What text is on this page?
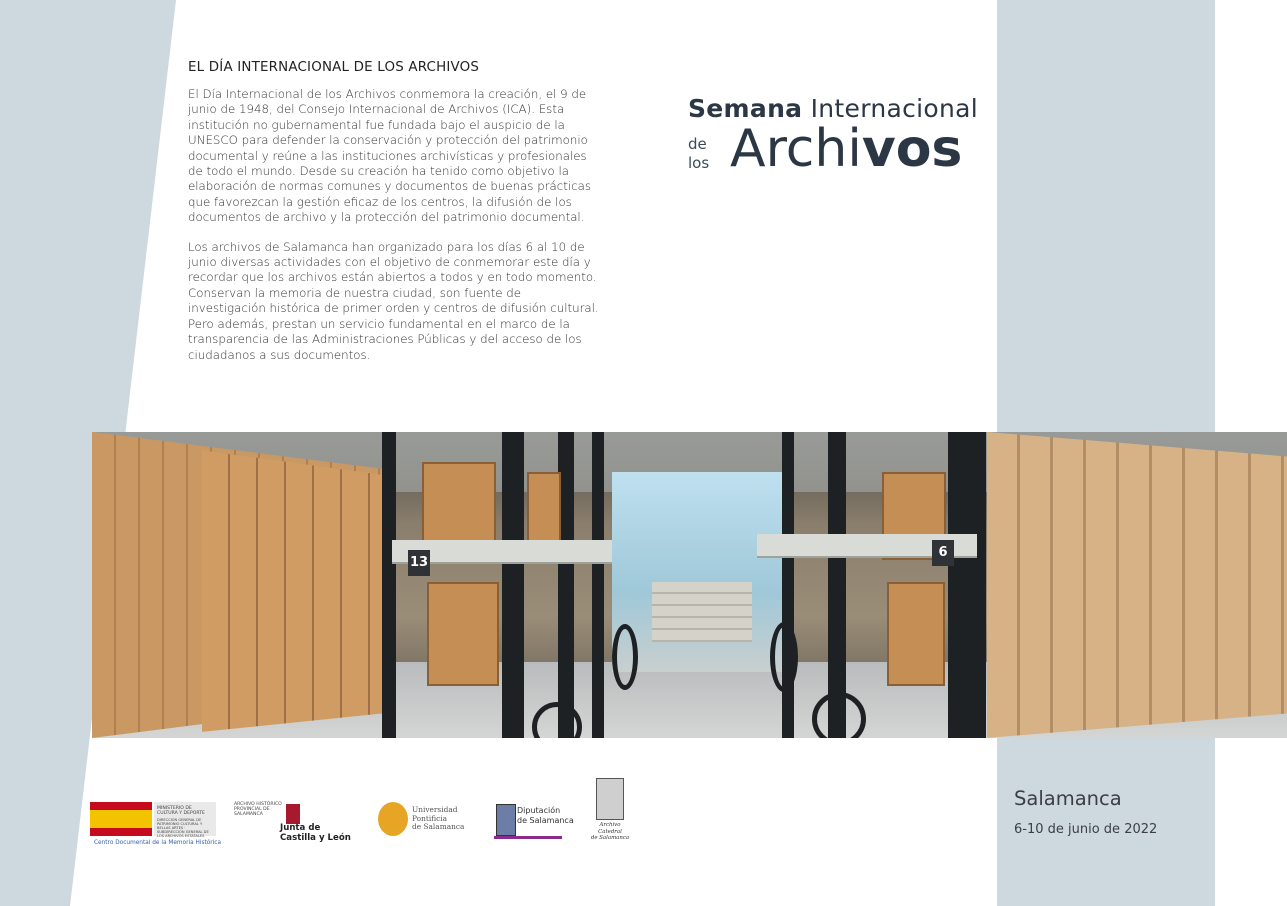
EL DÍA INTERNACIONAL DE LOS ARCHIVOS

El Día Internacional de los Archivos conmemora la creación, el 9 de junio de 1948, del Consejo Internacional de Archivos (ICA). Esta institución no gubernamental fue fundada bajo el auspicio de la UNESCO para defender la conservación y protección del patrimonio documental y reúne a las instituciones archivísticas y profesionales de todo el mundo. Desde su creación ha tenido como objetivo la elaboración de normas comunes y documentos de buenas prácticas que favorezcan la gestión eficaz de los centros, la difusión de los documentos de archivo y la protección del patrimonio documental.

Los archivos de Salamanca han organizado para los días 6 al 10 de junio diversas actividades con el objetivo de conmemorar este día y recordar que los archivos están abiertos a todos y en todo momento. Conservan la memoria de nuestra ciudad, son fuente de investigación histórica de primer orden y centros de difusión cultural. Pero además, prestan un servicio fundamental en el marco de la transparencia de las Administraciones Públicas y del acceso de los ciudadanos a sus documentos.

Semana Internacional
de
los Archivos
13
6
MINISTERIO DE CULTURA Y DEPORTE
DIRECCIÓN GENERAL DE PATRIMONIO CULTURAL Y BELLAS ARTES · SUBDIRECCIÓN GENERAL DE LOS ARCHIVOS ESTATALES
Centro Documental de la Memoria Histórica
ARCHIVO HISTÓRICO PROVINCIAL DE SALAMANCA
Junta de
Castilla y León
Universidad
Pontificia
de Salamanca
Diputación
de Salamanca	Archivo Catedral
de Salamanca
Salamanca
6-10 de junio de 2022
